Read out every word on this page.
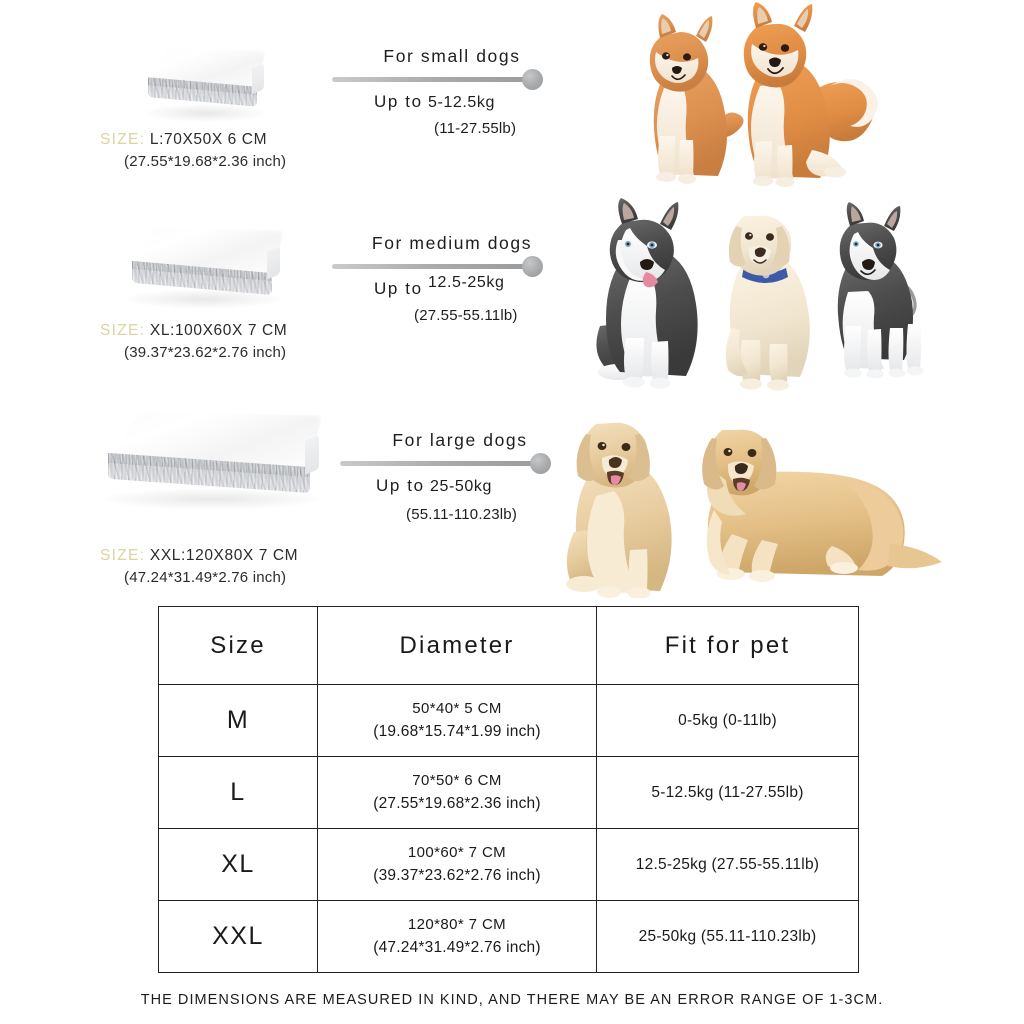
SIZE: L:70X50X 6 CM
(27.55*19.68*2.36 inch)
For small dogs
Up to 5-12.5kg
(11-27.55lb)
SIZE: XL:100X60X 7 CM
(39.37*23.62*2.76 inch)
For medium dogs
Up to 12.5-25kg
(27.55-55.11lb)
SIZE: XXL:120X80X 7 CM
(47.24*31.49*2.76 inch)
For large dogs
Up to 25-50kg
(55.11-110.23lb)
Size	Diameter	Fit for pet
M	50*40* 5 CM
(19.68*15.74*1.99 inch)	0-5kg (0-11lb)
L	70*50* 6 CM
(27.55*19.68*2.36 inch)	5-12.5kg (11-27.55lb)
XL	100*60* 7 CM
(39.37*23.62*2.76 inch)	12.5-25kg (27.55-55.11lb)
XXL	120*80* 7 CM
(47.24*31.49*2.76 inch)	25-50kg (55.11-110.23lb)
THE DIMENSIONS ARE MEASURED IN KIND, AND THERE MAY BE AN ERROR RANGE OF 1-3CM.
